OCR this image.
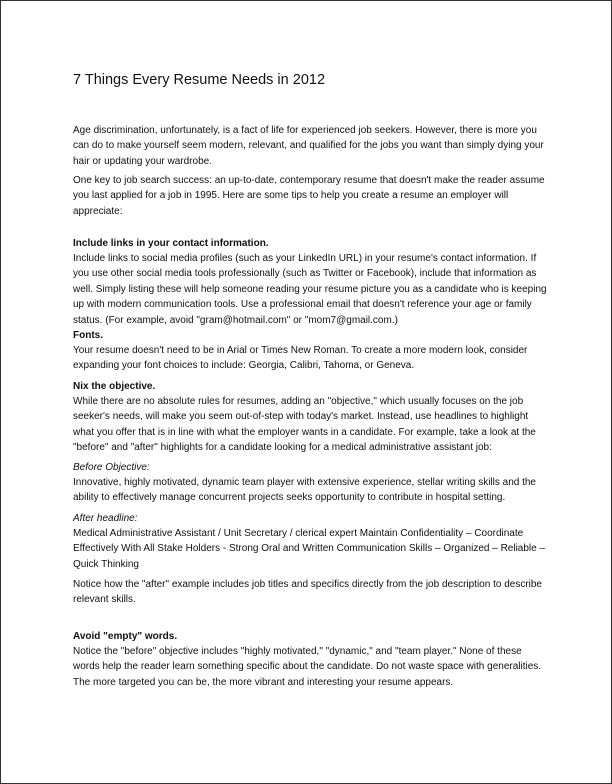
7 Things Every Resume Needs in 2012

Age discrimination, unfortunately, is a fact of life for experienced job seekers. However, there is more you can do to make yourself seem modern, relevant, and qualified for the jobs you want than simply dying your hair or updating your wardrobe.

One key to job search success: an up-to-date, contemporary resume that doesn't make the reader assume you last applied for a job in 1995. Here are some tips to help you create a resume an employer will appreciate:

Include links in your contact information.

Include links to social media profiles (such as your LinkedIn URL) in your resume's contact information. If you use other social media tools professionally (such as Twitter or Facebook), include that information as well. Simply listing these will help someone reading your resume picture you as a candidate who is keeping up with modern communication tools. Use a professional email that doesn't reference your age or family status. (For example, avoid "gram@hotmail.com" or "mom7@gmail.com.)

Fonts.

Your resume doesn't need to be in Arial or Times New Roman. To create a more modern look, consider expanding your font choices to include: Georgia, Calibri, Tahoma, or Geneva.

Nix the objective.

While there are no absolute rules for resumes, adding an "objective," which usually focuses on the job seeker's needs, will make you seem out-of-step with today's market. Instead, use headlines to highlight what you offer that is in line with what the employer wants in a candidate. For example, take a look at the "before" and "after" highlights for a candidate looking for a medical administrative assistant job:

Before Objective:

Innovative, highly motivated, dynamic team player with extensive experience, stellar writing skills and the ability to effectively manage concurrent projects seeks opportunity to contribute in hospital setting.

After headline:

Medical Administrative Assistant / Unit Secretary / clerical expert Maintain Confidentiality – Coordinate Effectively With All Stake Holders - Strong Oral and Written Communication Skills – Organized – Reliable – Quick Thinking

Notice how the "after" example includes job titles and specifics directly from the job description to describe relevant skills.

Avoid "empty" words.

Notice the "before" objective includes "highly motivated," "dynamic," and "team player." None of these words help the reader learn something specific about the candidate. Do not waste space with generalities. The more targeted you can be, the more vibrant and interesting your resume appears.
